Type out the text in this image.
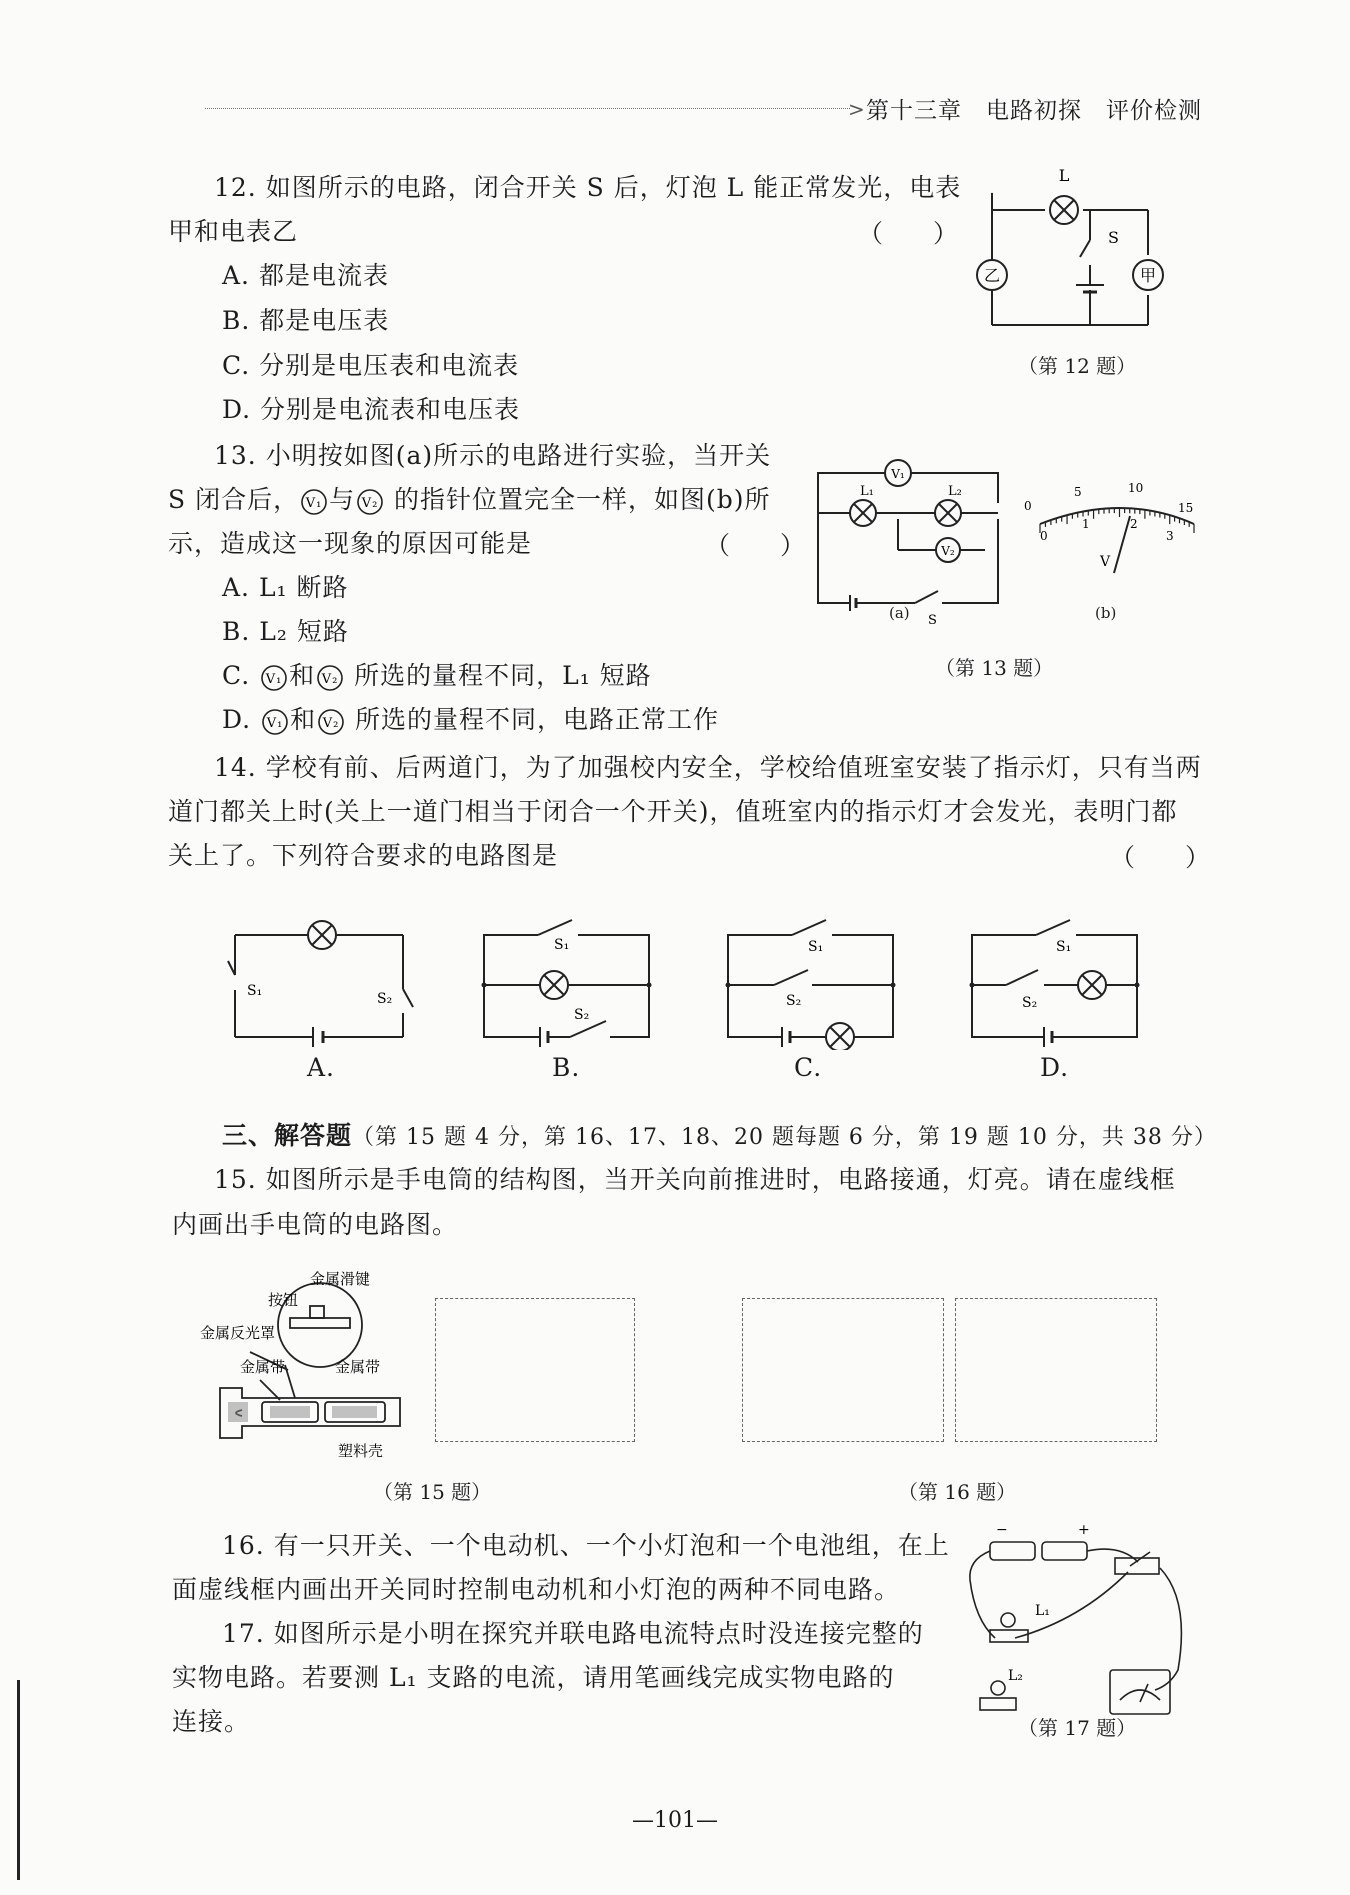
> 第十三章　电路初探　评价检测
12. 如图所示的电路，闭合开关 S 后，灯泡 L 能正常发光，电表
甲和电表乙	（　　）
A. 都是电流表
B. 都是电压表
C. 分别是电压表和电流表
D. 分别是电流表和电压表
L
S
乙	甲
（第 12 题）
13. 小明按如图(a)所示的电路进行实验，当开关
S 闭合后， V₁ 与 V₂ 的指针位置完全一样，如图(b)所
示，造成这一现象的原因可能是	（　　）
A. L₁ 断路
B. L₂ 短路
C. V₁ 和 V₂ 所选的量程不同，L₁ 短路
D. V₁ 和 V₂ 所选的量程不同，电路正常工作
V₁
V₂
L₁	L₂
S
(a)
0
5	10
15
0
1	2
3
V
(b)
（第 13 题）
14. 学校有前、后两道门，为了加强校内安全，学校给值班室安装了指示灯，只有当两
道门都关上时(关上一道门相当于闭合一个开关)，值班室内的指示灯才会发光，表明门都
关上了。下列符合要求的电路图是	（　　）
S₁	S₂
S₁
S₂
S₁
S₂
S₁
S₂
A.	B.	C.	D.
三、解答题（第 15 题 4 分，第 16、17、18、20 题每题 6 分，第 19 题 10 分，共 38 分）
15. 如图所示是手电筒的结构图，当开关向前推进时，电路接通，灯亮。请在虚线框
内画出手电筒的电路图。
金属滑键
按钮
金属反光罩
金属带	金属带
塑料壳
（第 15 题）	（第 16 题）
16. 有一只开关、一个电动机、一个小灯泡和一个电池组，在上
面虚线框内画出开关同时控制电动机和小灯泡的两种不同电路。
17. 如图所示是小明在探究并联电路电流特点时没连接完整的
实物电路。若要测 L₁ 支路的电流，请用笔画线完成实物电路的
连接。
−	+
L₁
L₂
（第 17 题）
—101—
